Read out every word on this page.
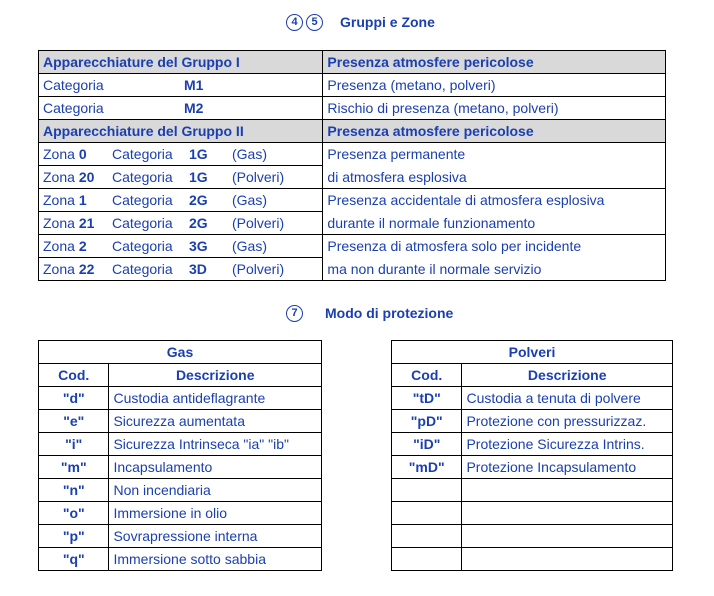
4	5	Gruppi e Zone
Apparecchiature del Gruppo I	Presenza atmosfere pericolose
Categoria M1	Presenza (metano, polveri)
Categoria M2	Rischio di presenza (metano, polveri)
Apparecchiature del Gruppo II	Presenza atmosfere pericolose
Zona 0 Categoria 1G (Gas)	Presenza permanente
Zona 20 Categoria 1G (Polveri)	di atmosfera esplosiva
Zona 1 Categoria 2G (Gas)	Presenza accidentale di atmosfera esplosiva
Zona 21 Categoria 2G (Polveri)	durante il normale funzionamento
Zona 2 Categoria 3G (Gas)	Presenza di atmosfera solo per incidente
Zona 22 Categoria 3D (Polveri)	ma non durante il normale servizio
7	Modo di protezione
Gas	
Cod.	Descrizione
"d"	Custodia antideflagrante
"e"	Sicurezza aumentata
"i"	Sicurezza Intrinseca "ia" "ib"
"m"	Incapsulamento
"n"	Non incendiaria
"o"	Immersione in olio
"p"	Sovrapressione interna
"q"	Immersione sotto sabbia
Polveri	
Cod.	Descrizione
"tD"	Custodia a tenuta di polvere
"pD"	Protezione con pressurizzaz.
"iD"	Protezione Sicurezza Intrins.
"mD"	Protezione Incapsulamento
